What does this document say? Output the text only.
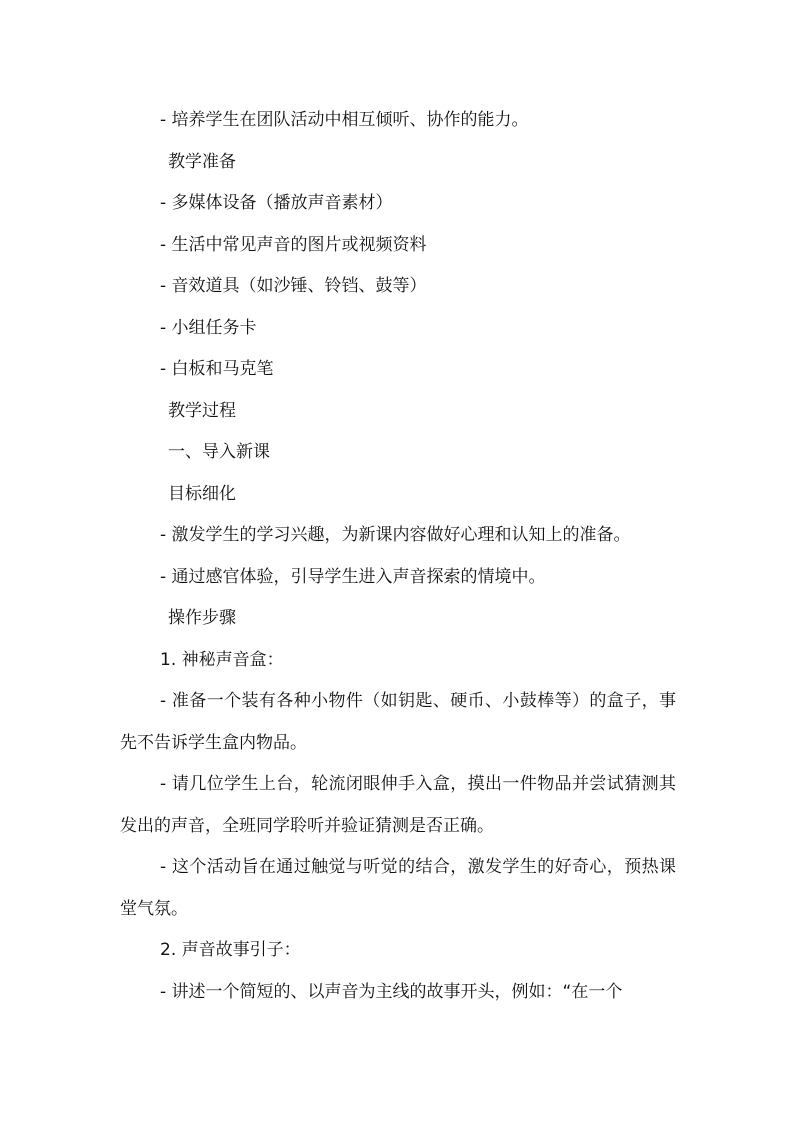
- 培养学生在团队活动中相互倾听、协作的能力。
教学准备
- 多媒体设备（播放声音素材）
- 生活中常见声音的图片或视频资料
- 音效道具（如沙锤、铃铛、鼓等）
- 小组任务卡
- 白板和马克笔
教学过程
一、导入新课
目标细化
- 激发学生的学习兴趣，为新课内容做好心理和认知上的准备。
- 通过感官体验，引导学生进入声音探索的情境中。
操作步骤
1. 神秘声音盒：
- 准备一个装有各种小物件（如钥匙、硬币、小鼓棒等）的盒子，事先不告诉学生盒内物品。
- 请几位学生上台，轮流闭眼伸手入盒，摸出一件物品并尝试猜测其发出的声音，全班同学聆听并验证猜测是否正确。
- 这个活动旨在通过触觉与听觉的结合，激发学生的好奇心，预热课堂气氛。
2. 声音故事引子：
- 讲述一个简短的、以声音为主线的故事开头，例如：“在一个
